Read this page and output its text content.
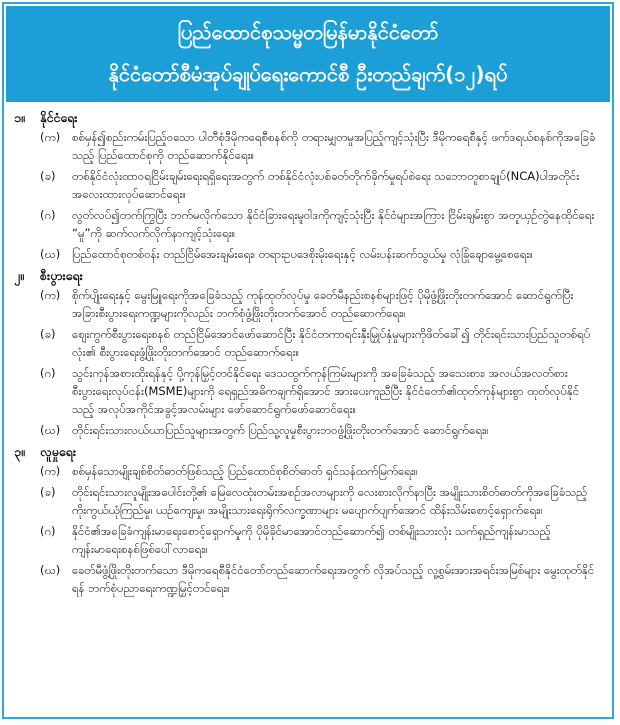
ပြည်ထောင်စုသမ္မတမြန်မာနိုင်ငံတော်
နိုင်ငံတော်စီမံအုပ်ချုပ်ရေးကောင်စီ ဦးတည်ချက်(၁၂)ရပ်
၁။	နိုင်ငံရေး
(က)	စစ်မှန်၍စည်းကမ်းပြည့်ဝသော ပါတီစုံဒီမိုကရေစီစနစ်ကို တရားမျှတမှုအပြည့်ကျင့်သုံးပြီး ဒီမိုကရေစီနှင့် ဖက်ဒရယ်စနစ်ကိုအခြေခံသည့် ပြည်ထောင်စုကို တည်ဆောက်နိုင်ရေး။
(ခ)	တစ်နိုင်ငံလုံးထာဝရငြိမ်းချမ်းရေးရရှိရေးအတွက် တစ်နိုင်ငံလုံးပစ်ခတ်တိုက်ခိုက်မှုရပ်စဲရေး သဘောတူစာချုပ်(NCA)ပါအတိုင်း အလေးထားလုပ်ဆောင်ရေး။
(ဂ)	လွတ်လပ်၍တက်ကြွပြီး ဘက်မလိုက်သော နိုင်ငံခြားရေးမူဝါဒကိုကျင့်သုံးပြီး နိုင်ငံများအကြား ငြိမ်းချမ်းစွာ အတူယှဉ်တွဲနေထိုင်ရေး “မူ”ကို ဆက်လက်လိုက်နာကျင့်သုံးရေး။
(ဃ)	ပြည်ထောင်စုတစ်ဝန်း တည်ငြိမ်အေးချမ်းရေး၊ တရားဥပဒေစိုးမိုးရေးနှင့် လမ်းပန်းဆက်သွယ်မှု လုံခြုံချောမွေ့စေရေး။
၂။	စီးပွားရေး
(က)	စိုက်ပျိုးရေးနှင့် မွေးမြူရေးကိုအခြေခံသည့် ကုန်ထုတ်လုပ်မှု ခေတ်မီနည်းစနစ်များဖြင့် ပိုမိုဖွံ့ဖြိုးတိုးတက်အောင် ဆောင်ရွက်ပြီး အခြားစီးပွားရေးကဏ္ဍများကိုလည်း ဘက်စုံဖွံ့ဖြိုးတိုးတက်အောင် တည်ဆောက်ရေး။
(ခ)	ဈေးကွက်စီးပွားရေးစနစ် တည်ငြိမ်အောင်ဖော်ဆောင်ပြီး နိုင်ငံတကာရင်းနှီးမြှုပ်နှံမှုများကိုဖိတ်ခေါ်၍ တိုင်းရင်းသားပြည်သူတစ်ရပ်လုံး၏ စီးပွားရေးဖွံ့ဖြိုးတိုးတက်အောင် တည်ဆောက်ရေး။
(ဂ)	သွင်းကုန်အစားထိုးရန်နှင့် ပို့ကုန်မြှင့်တင်နိုင်ရေး ဒေသထွက်ကုန်ကြမ်းများကို အခြေခံသည့် အသေးစား၊ အလယ်အလတ်စားစီးပွားရေးလုပ်ငန်း(MSME)များကို ရေရှည်အဓိကချက်ရှိအောင် အားပေးကူညီပြီး နိုင်ငံတော်၏ထုတ်ကုန်များစွာ ထုတ်လုပ်နိုင်သည့် အလုပ်အကိုင်အခွင့်အလမ်းများ ဖော်ဆောင်ရွက်ဖော်ဆောင်ရေး။
(ဃ)	တိုင်းရင်းသားလယ်ယာပြည်သူများအတွက် ပြည်သူ့လူမှုစီးပွားဘဝဖွံ့ဖြိုးတိုးတက်အောင် ဆောင်ရွက်ရေး။
၃။	လူမှုရေး
(က)	စစ်မှန်သောမျိုးချစ်စိတ်ဓာတ်ဖြစ်သည့် ပြည်ထောင်စုစိတ်ဓာတ် ရှင်သန်ထက်မြက်ရေး။
(ခ)	တိုင်းရင်းသားလူမျိုးအပေါင်းတို့၏ မြေလေထုံးတမ်းအစဉ်အလာများကို လေးစားလိုက်နာပြီး အမျိုးသားစိတ်ဓာတ်ကိုအခြေခံသည့် ကိုးကွယ်ယုံကြည်မှု၊ ယဉ်ကျေးမှု၊ အမျိုးသားရေးရိုက်လက္ခဏာများ မပျောက်ပျက်အောင် ထိန်းသိမ်းစောင့်ရှောက်ရေး။
(ဂ)	နိုင်ငံ၏အခြေခံကျန်းမာရေးစောင့်ရှောက်မှုကို ပိုမိုခိုင်မာအောင်တည်ဆောက်၍ တစ်မျိုးသားလုံး သက်ရှည်ကျန်းမာသည့် ကျန်းမာရေးစနစ်ဖြစ်ပေါ်လာရေး။
(ဃ)	ခေတ်မီဖွံ့ဖြိုးတိုးတက်သော ဒီမိုကရေစီနိုင်ငံတော်တည်ဆောက်ရေးအတွက် လိုအပ်သည့် လူ့စွမ်းအားအရင်းအမြစ်များ မွေးထုတ်နိုင်ရန် ဘက်စုံပညာရေးကဏ္ဍမြှင့်တင်ရေး။
